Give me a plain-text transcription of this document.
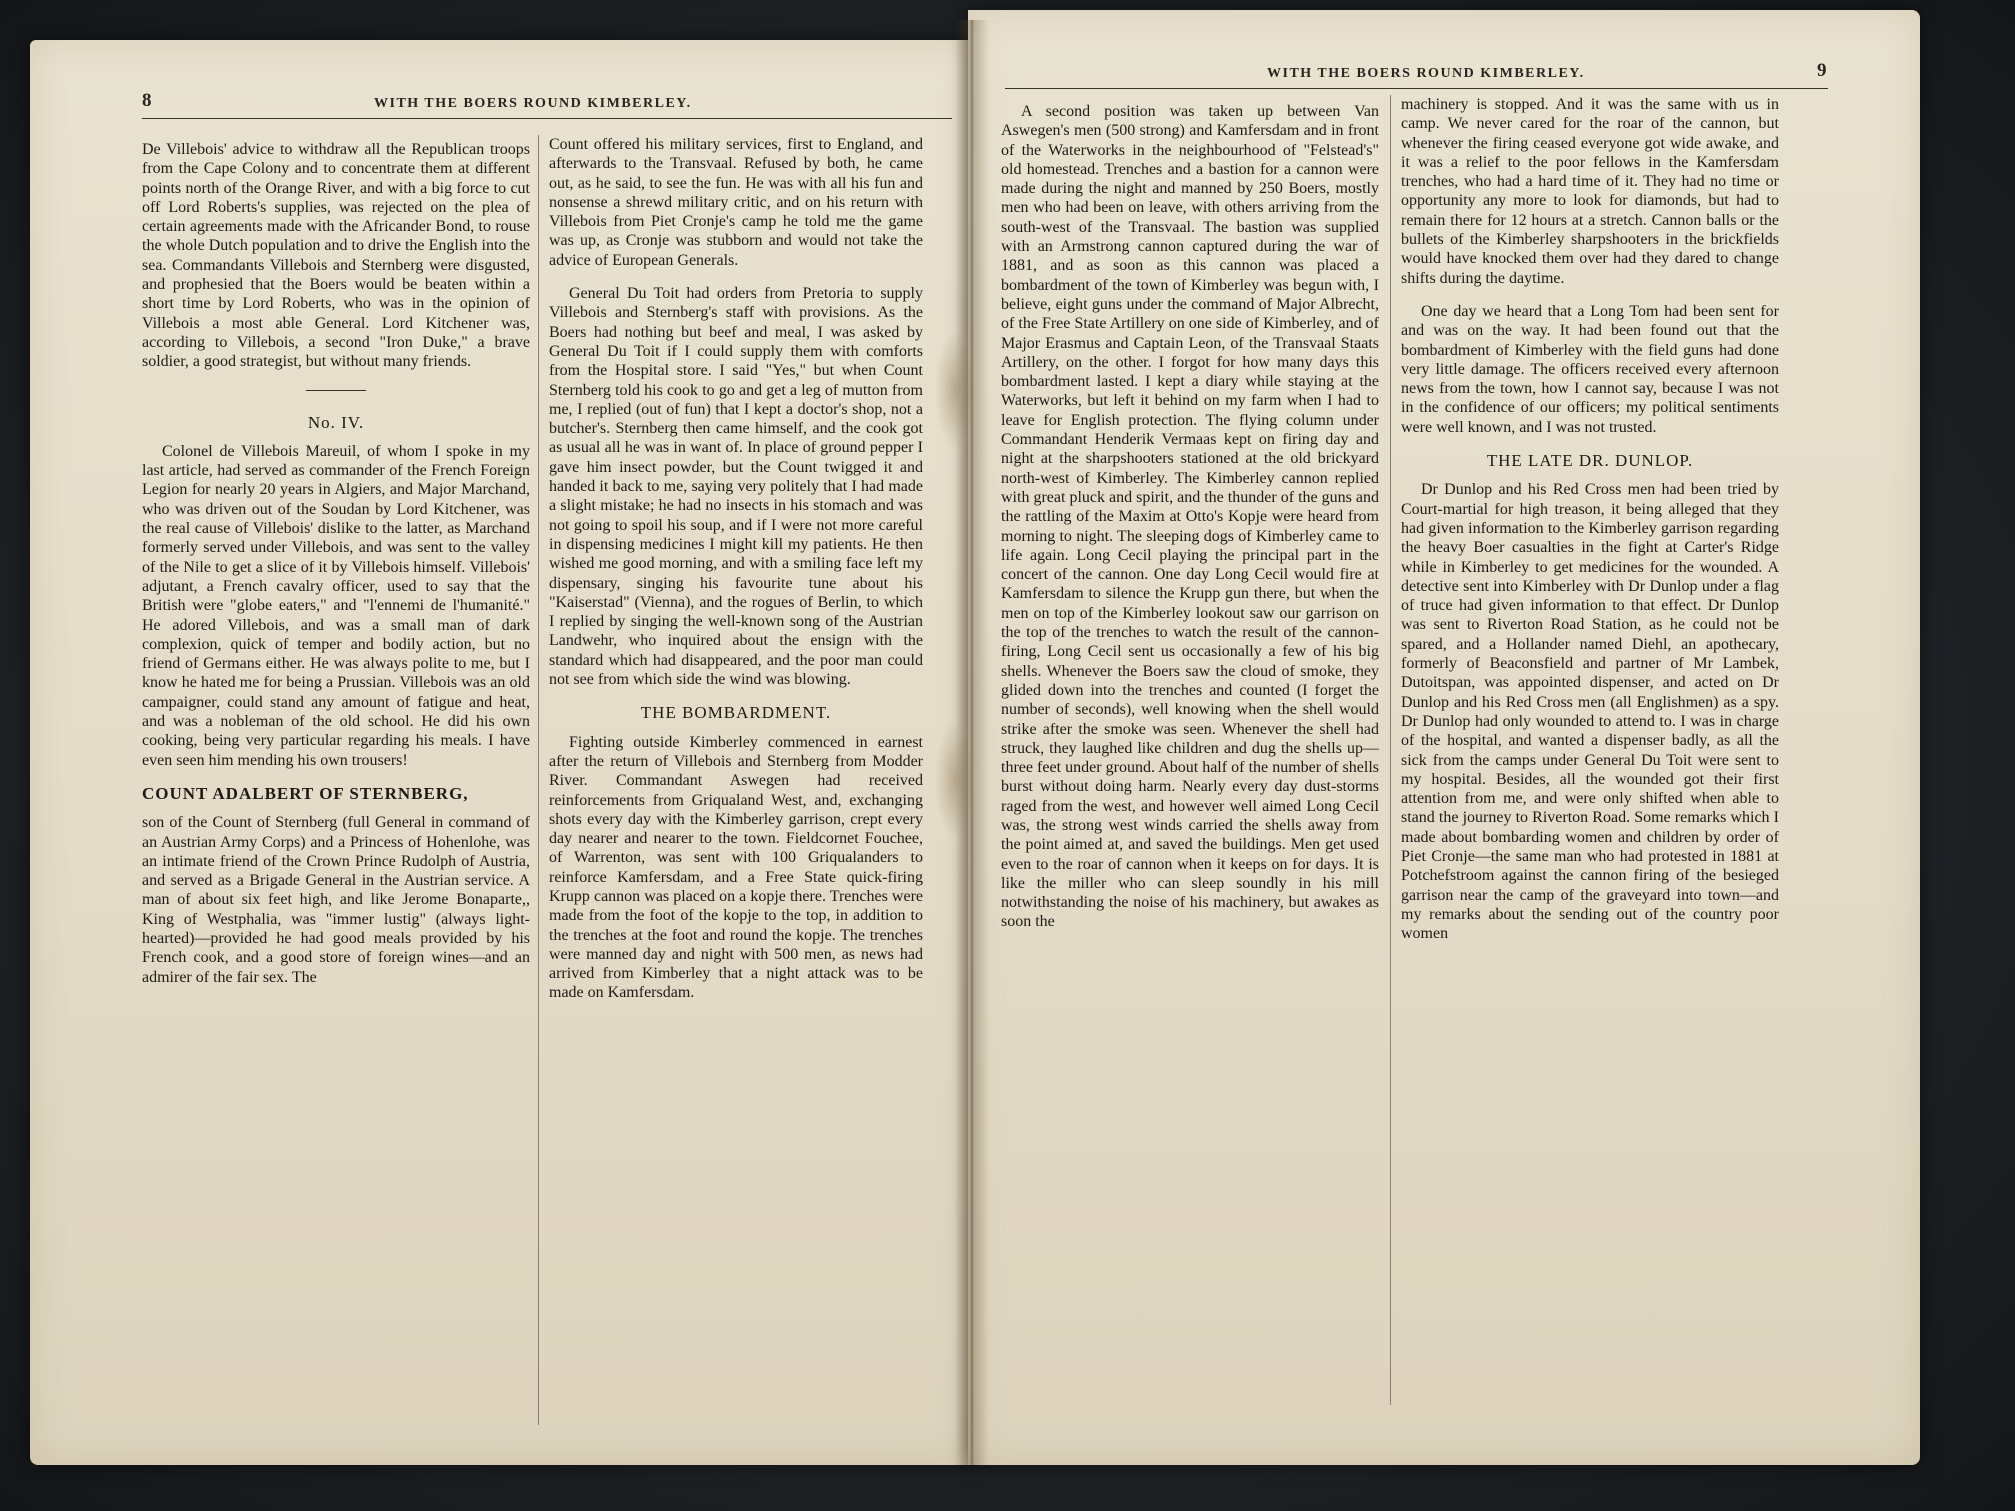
8	WITH THE BOERS ROUND KIMBERLEY.

De Villebois' advice to withdraw all the Republican troops from the Cape Colony and to concentrate them at different points north of the Orange River, and with a big force to cut off Lord Roberts's supplies, was rejected on the plea of certain agreements made with the Africander Bond, to rouse the whole Dutch population and to drive the English into the sea. Commandants Villebois and Sternberg were disgusted, and prophesied that the Boers would be beaten within a short time by Lord Roberts, who was in the opinion of Villebois a most able General. Lord Kitchener was, according to Villebois, a second "Iron Duke," a brave soldier, a good strategist, but without many friends.

No. IV.

Colonel de Villebois Mareuil, of whom I spoke in my last article, had served as commander of the French Foreign Legion for nearly 20 years in Algiers, and Major Marchand, who was driven out of the Soudan by Lord Kitchener, was the real cause of Villebois' dislike to the latter, as Marchand formerly served under Villebois, and was sent to the valley of the Nile to get a slice of it by Villebois himself. Villebois' adjutant, a French cavalry officer, used to say that the British were "globe eaters," and "l'ennemi de l'humanité." He adored Villebois, and was a small man of dark complexion, quick of temper and bodily action, but no friend of Germans either. He was always polite to me, but I know he hated me for being a Prussian. Villebois was an old campaigner, could stand any amount of fatigue and heat, and was a nobleman of the old school. He did his own cooking, being very particular regarding his meals. I have even seen him mending his own trousers!

COUNT ADALBERT OF STERNBERG,

son of the Count of Sternberg (full General in command of an Austrian Army Corps) and a Princess of Hohenlohe, was an intimate friend of the Crown Prince Rudolph of Austria, and served as a Brigade General in the Austrian service. A man of about six feet high, and like Jerome Bonaparte,, King of Westphalia, was "immer lustig" (always light-hearted)—provided he had good meals provided by his French cook, and a good store of foreign wines—and an admirer of the fair sex. The

Count offered his military services, first to England, and afterwards to the Transvaal. Refused by both, he came out, as he said, to see the fun. He was with all his fun and nonsense a shrewd military critic, and on his return with Villebois from Piet Cronje's camp he told me the game was up, as Cronje was stubborn and would not take the advice of European Generals.

General Du Toit had orders from Pretoria to supply Villebois and Sternberg's staff with provisions. As the Boers had nothing but beef and meal, I was asked by General Du Toit if I could supply them with comforts from the Hospital store. I said "Yes," but when Count Sternberg told his cook to go and get a leg of mutton from me, I replied (out of fun) that I kept a doctor's shop, not a butcher's. Sternberg then came himself, and the cook got as usual all he was in want of. In place of ground pepper I gave him insect powder, but the Count twigged it and handed it back to me, saying very politely that I had made a slight mistake; he had no insects in his stomach and was not going to spoil his soup, and if I were not more careful in dispensing medicines I might kill my patients. He then wished me good morning, and with a smiling face left my dispensary, singing his favourite tune about his "Kaiserstad" (Vienna), and the rogues of Berlin, to which I replied by singing the well-known song of the Austrian Landwehr, who inquired about the ensign with the standard which had disappeared, and the poor man could not see from which side the wind was blowing.

THE BOMBARDMENT.

Fighting outside Kimberley commenced in earnest after the return of Villebois and Sternberg from Modder River. Commandant Aswegen had received reinforcements from Griqualand West, and, exchanging shots every day with the Kimberley garrison, crept every day nearer and nearer to the town. Fieldcornet Fouchee, of Warrenton, was sent with 100 Griqualanders to reinforce Kamfersdam, and a Free State quick-firing Krupp cannon was placed on a kopje there. Trenches were made from the foot of the kopje to the top, in addition to the trenches at the foot and round the kopje. The trenches were manned day and night with 500 men, as news had arrived from Kimberley that a night attack was to be made on Kamfersdam.

WITH THE BOERS ROUND KIMBERLEY.	9

A second position was taken up between Van Aswegen's men (500 strong) and Kamfersdam and in front of the Waterworks in the neighbourhood of "Felstead's" old homestead. Trenches and a bastion for a cannon were made during the night and manned by 250 Boers, mostly men who had been on leave, with others arriving from the south-west of the Transvaal. The bastion was supplied with an Armstrong cannon captured during the war of 1881, and as soon as this cannon was placed a bombardment of the town of Kimberley was begun with, I believe, eight guns under the command of Major Albrecht, of the Free State Artillery on one side of Kimberley, and of Major Erasmus and Captain Leon, of the Transvaal Staats Artillery, on the other. I forgot for how many days this bombardment lasted. I kept a diary while staying at the Waterworks, but left it behind on my farm when I had to leave for English protection. The flying column under Commandant Henderik Vermaas kept on firing day and night at the sharpshooters stationed at the old brickyard north-west of Kimberley. The Kimberley cannon replied with great pluck and spirit, and the thunder of the guns and the rattling of the Maxim at Otto's Kopje were heard from morning to night. The sleeping dogs of Kimberley came to life again. Long Cecil playing the principal part in the concert of the cannon. One day Long Cecil would fire at Kamfersdam to silence the Krupp gun there, but when the men on top of the Kimberley lookout saw our garrison on the top of the trenches to watch the result of the cannon-firing, Long Cecil sent us occasionally a few of his big shells. Whenever the Boers saw the cloud of smoke, they glided down into the trenches and counted (I forget the number of seconds), well knowing when the shell would strike after the smoke was seen. Whenever the shell had struck, they laughed like children and dug the shells up—three feet under ground. About half of the number of shells burst without doing harm. Nearly every day dust-storms raged from the west, and however well aimed Long Cecil was, the strong west winds carried the shells away from the point aimed at, and saved the buildings. Men get used even to the roar of cannon when it keeps on for days. It is like the miller who can sleep soundly in his mill notwithstanding the noise of his machinery, but awakes as soon the

machinery is stopped. And it was the same with us in camp. We never cared for the roar of the cannon, but whenever the firing ceased everyone got wide awake, and it was a relief to the poor fellows in the Kamfersdam trenches, who had a hard time of it. They had no time or opportunity any more to look for diamonds, but had to remain there for 12 hours at a stretch. Cannon balls or the bullets of the Kimberley sharpshooters in the brickfields would have knocked them over had they dared to change shifts during the daytime.

One day we heard that a Long Tom had been sent for and was on the way. It had been found out that the bombardment of Kimberley with the field guns had done very little damage. The officers received every afternoon news from the town, how I cannot say, because I was not in the confidence of our officers; my political sentiments were well known, and I was not trusted.

THE LATE DR. DUNLOP.

Dr Dunlop and his Red Cross men had been tried by Court-martial for high treason, it being alleged that they had given information to the Kimberley garrison regarding the heavy Boer casualties in the fight at Carter's Ridge while in Kimberley to get medicines for the wounded. A detective sent into Kimberley with Dr Dunlop under a flag of truce had given information to that effect. Dr Dunlop was sent to Riverton Road Station, as he could not be spared, and a Hollander named Diehl, an apothecary, formerly of Beaconsfield and partner of Mr Lambek, Dutoitspan, was appointed dispenser, and acted on Dr Dunlop and his Red Cross men (all Englishmen) as a spy. Dr Dunlop had only wounded to attend to. I was in charge of the hospital, and wanted a dispenser badly, as all the sick from the camps under General Du Toit were sent to my hospital. Besides, all the wounded got their first attention from me, and were only shifted when able to stand the journey to Riverton Road. Some remarks which I made about bombarding women and children by order of Piet Cronje—the same man who had protested in 1881 at Potchefstroom against the cannon firing of the besieged garrison near the camp of the graveyard into town—and my remarks about the sending out of the country poor women
